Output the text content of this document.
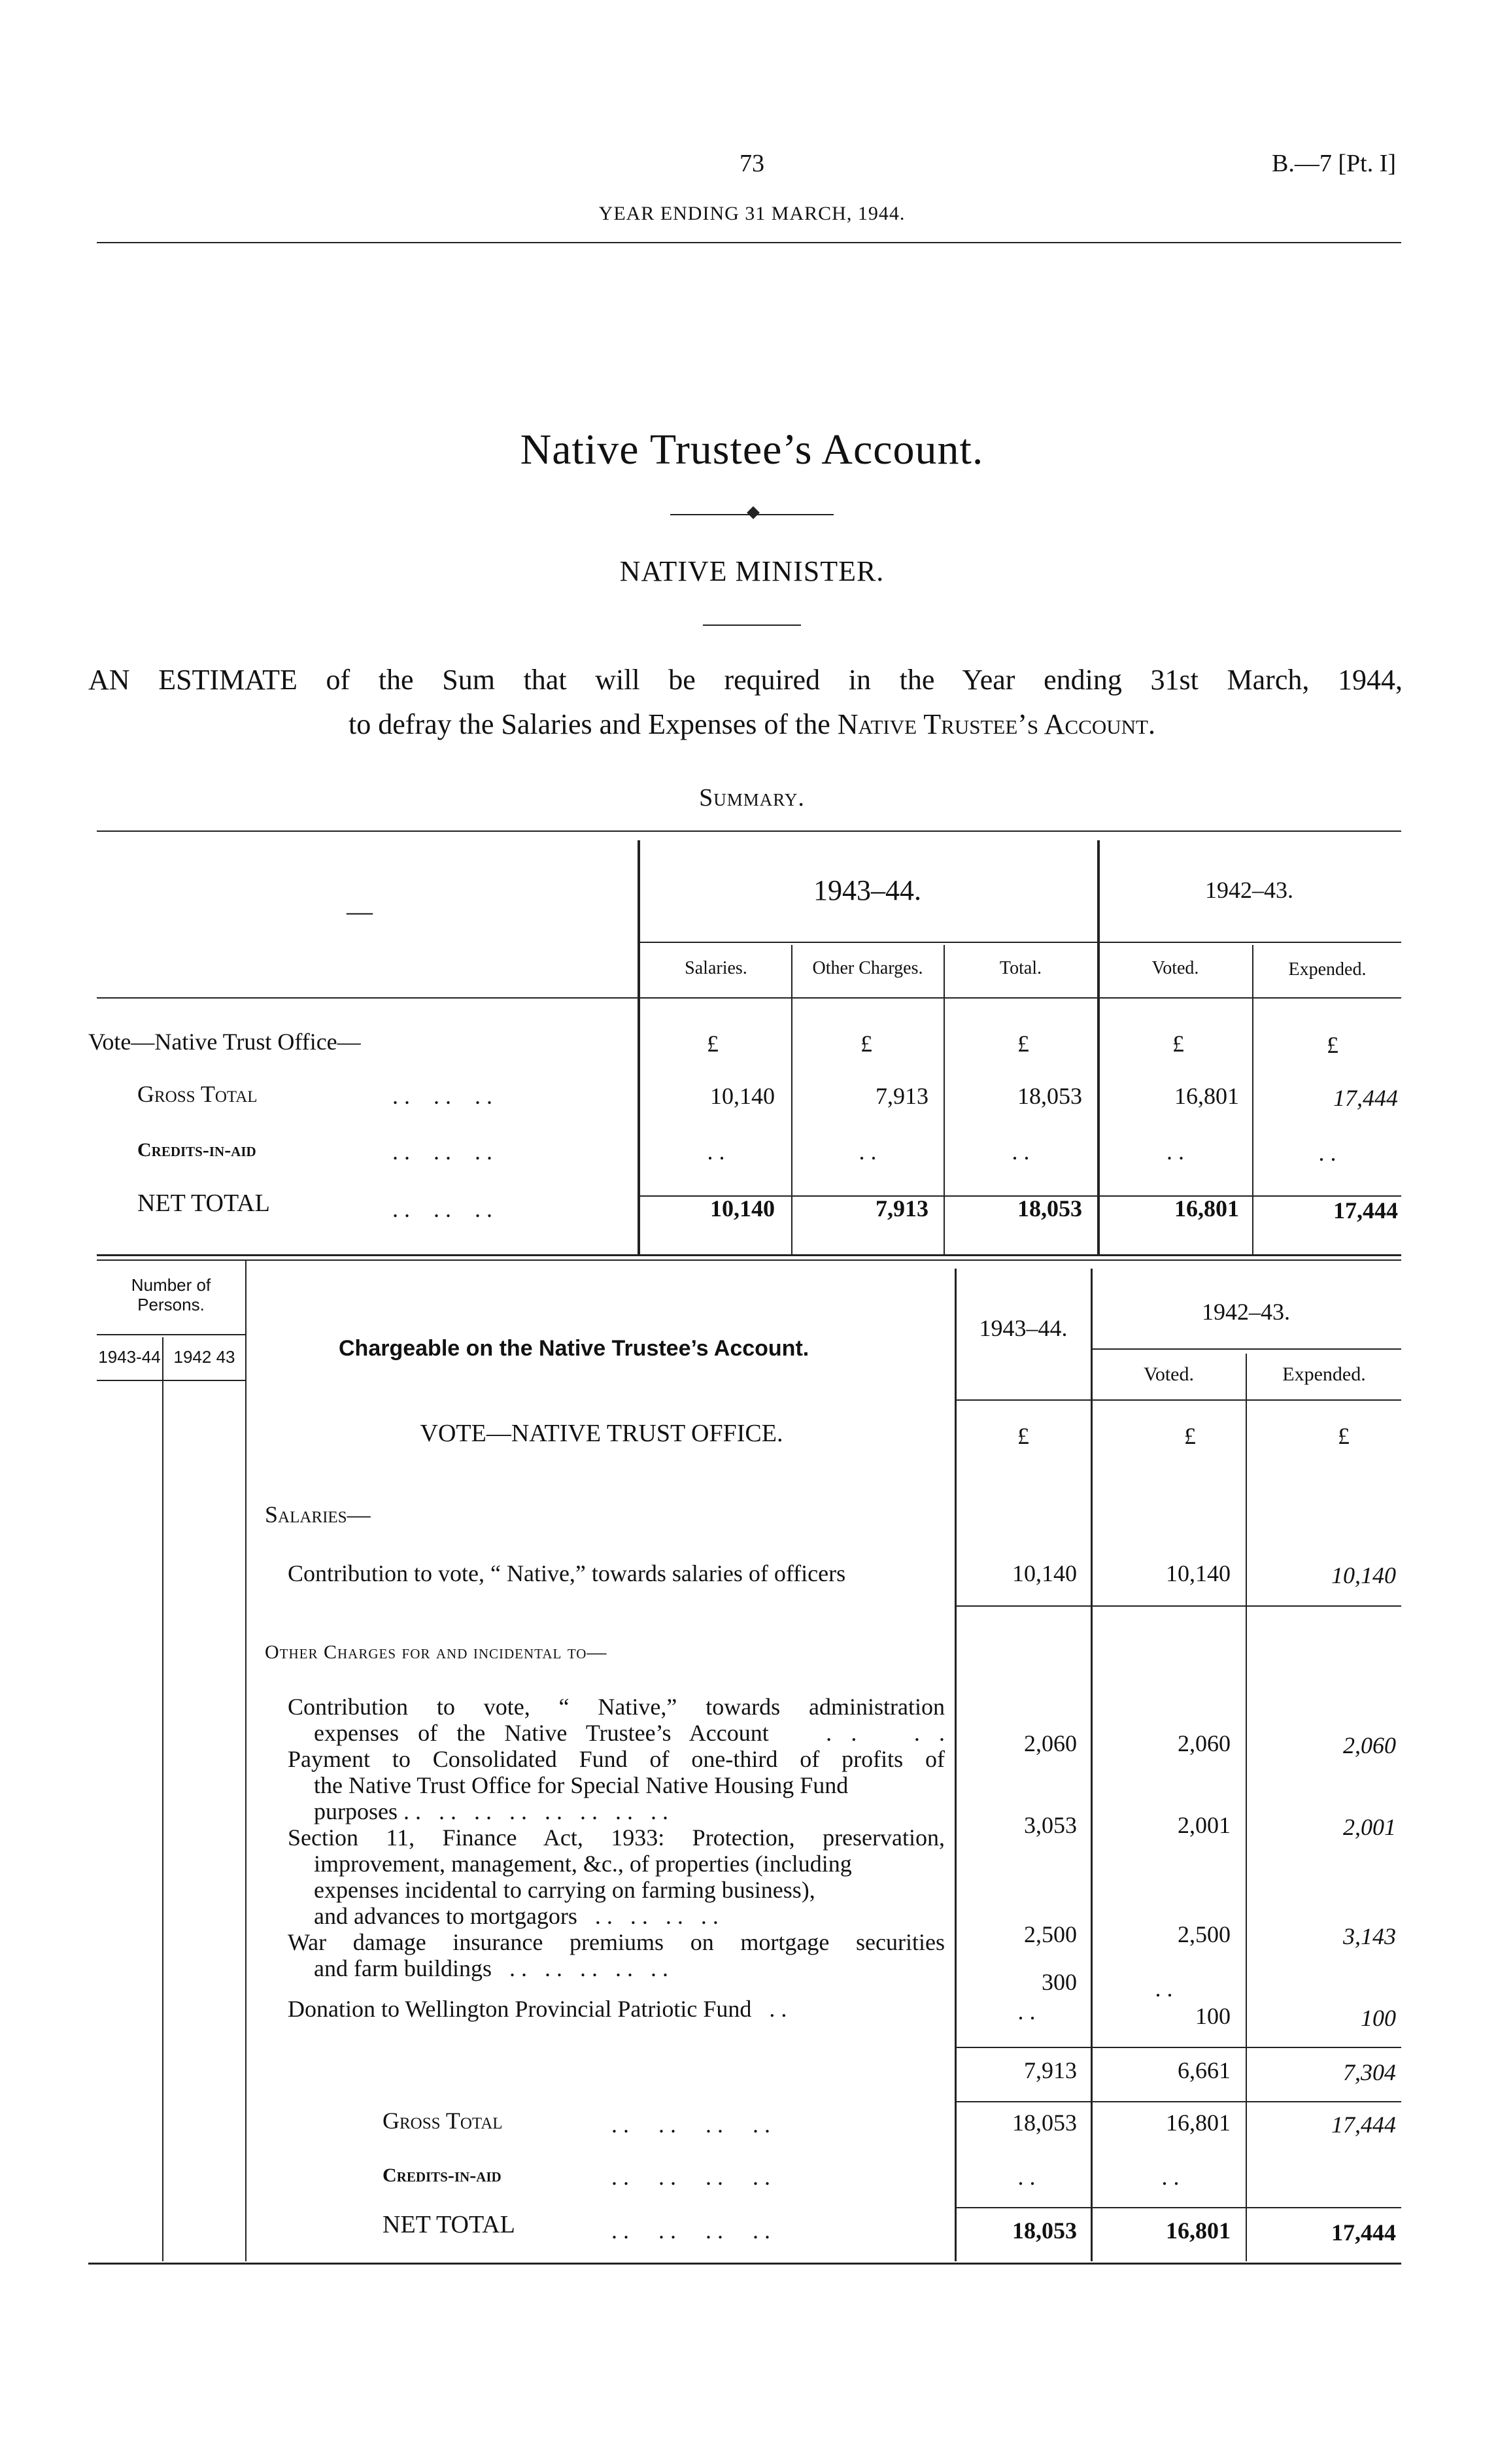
73	B.—7 [Pt. I]
YEAR ENDING 31 MARCH, 1944.
Native Trustee’s Account.
NATIVE MINISTER.
AN ESTIMATE of the Sum that will be required in the Year ending 31st March, 1944,
to defray the Salaries and Expenses of the Native Trustee’s Account.
Summary.
—
1943–44.	1942–43.
Salaries.	Other Charges.	Total.	Voted.	Expended.
Vote—Native Trust Office—	£	£	£	£	£
Gross Total	. .    . .    . .	10,140	7,913	18,053	16,801	17,444
Credits-in-aid	. .    . .    . .	. .	. .	. .	. .	. .
NET TOTAL	. .    . .    . .	10,140	7,913	18,053	16,801	17,444
Number of Persons.
1943-44 1942 43	Chargeable on the Native Trustee’s Account.
1943–44.
1942–43.
Voted.	Expended.
VOTE—NATIVE TRUST OFFICE.	£	£	£
Salaries—
Contribution to vote, “ Native,” towards salaries of officers	10,140	10,140	10,140
Other Charges for and incidental to—
Contribution to vote, “ Native,” towards administration
expenses of the Native Trustee’s Account   . .   . .	2,060	2,060	2,060
Payment to Consolidated Fund of one-third of profits of
the Native Trust Office for Special Native Housing Fund
purposes . .   . .   . .   . .   . .   . .   . .   . .
3,053	2,001	2,001
Section 11, Finance Act, 1933: Protection, preservation,
improvement, management, &c., of properties (including
expenses incidental to carrying on farming business),
and advances to mortgagors   . .   . .   . .   . .
2,500	2,500	3,143
War damage insurance premiums on mortgage securities
and farm buildings   . .   . .   . .   . .   . .
300	. .
Donation to Wellington Provincial Patriotic Fund   . .	. .	100	100
7,913	6,661	7,304
Gross Total	. .     . .     . .     . .	18,053	16,801	17,444
Credits-in-aid	. .     . .     . .     . .	. .	. .
NET TOTAL	. .     . .     . .     . .	18,053	16,801	17,444
